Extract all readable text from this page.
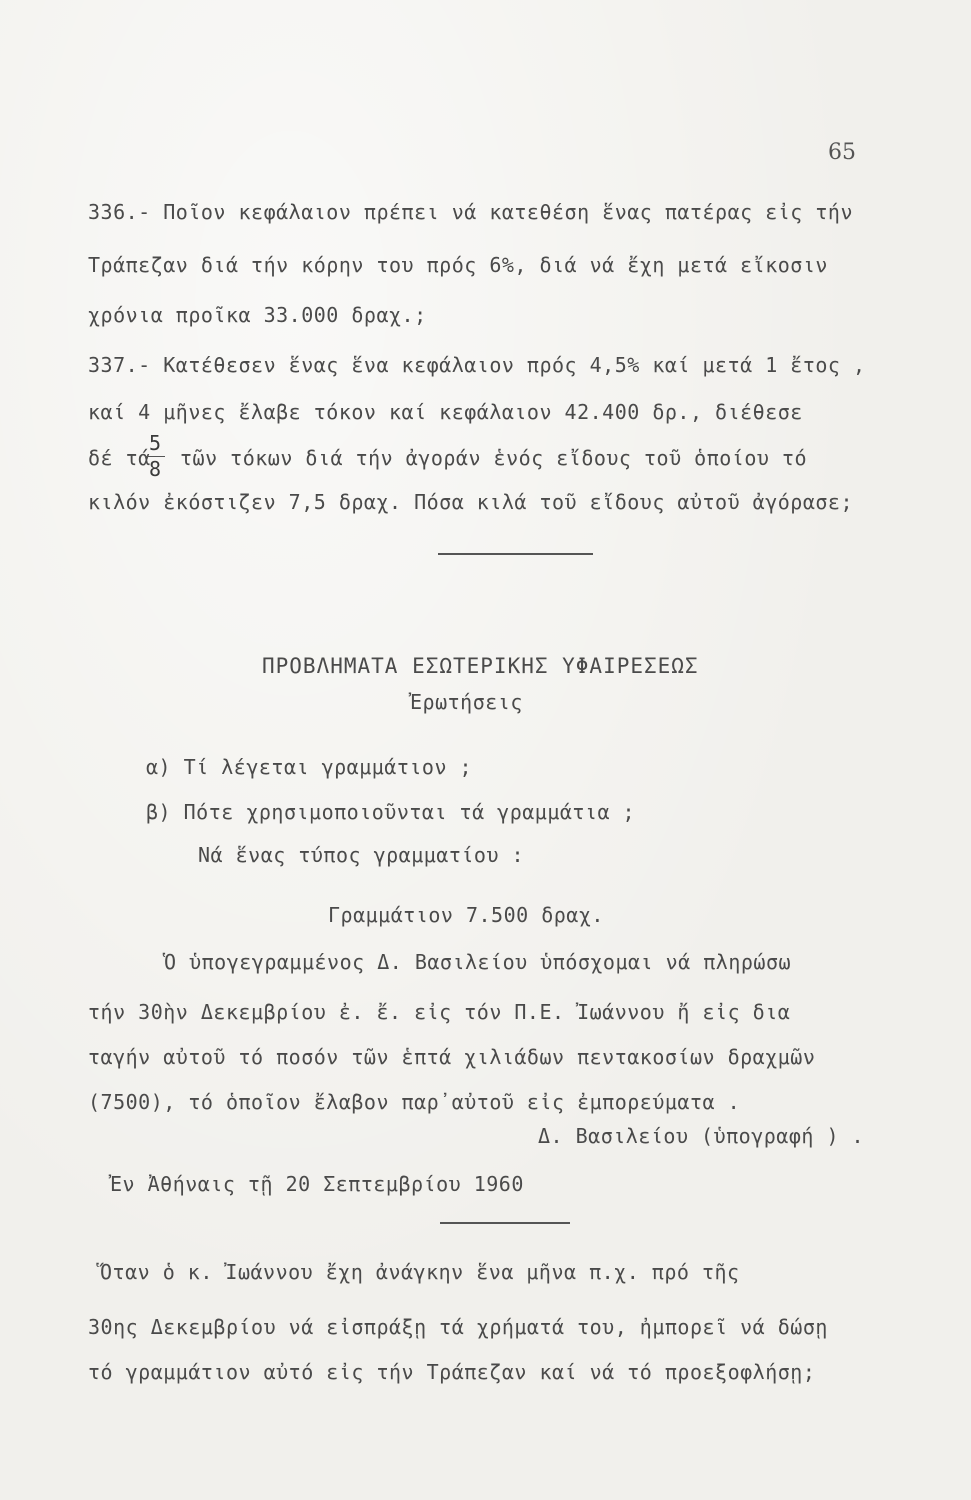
65
336.- Ποῖον κεφάλαιον πρέπει νά κατεθέση ἕνας πατέρας εἰς τήν
Τράπεζαν διά τήν κόρην του πρός 6%, διά νά ἔχη μετά εἴκοσιν
χρόνια προῖκα 33.000 δραχ.;
337.- Κατέθεσεν ἕνας ἕνα κεφάλαιον πρός 4,5% καί μετά 1 ἔτος ,
καί 4 μῆνες ἔλαβε τόκον καί κεφάλαιον 42.400 δρ., διέθεσε
δέ τά
5
8 τῶν τόκων διά τήν ἀγοράν ἑνός εἴδους τοῦ ὁποίου τό
κιλόν ἐκόστιζεν 7,5 δραχ. Πόσα κιλά τοῦ εἴδους αὐτοῦ ἀγόρασε;
ΠΡΟΒΛΗΜΑΤΑ ΕΣΩΤΕΡΙΚΗΣ ΥΦΑΙΡΕΣΕΩΣ
Ἐρωτήσεις
α) Τί λέγεται γραμμάτιον ;
β) Πότε χρησιμοποιοῦνται τά γραμμάτια ;
Νά ἕνας τύπος γραμματίου :
Γραμμάτιον 7.500 δραχ.
Ὁ ὑπογεγραμμένος Δ. Βασιλείου ὑπόσχομαι νά πληρώσω
τήν 30ὴν Δεκεμβρίου ἐ. ἔ. εἰς τόν Π.Ε. Ἰωάννου ἤ εἰς δια
ταγήν αὐτοῦ τό ποσόν τῶν ἑπτά χιλιάδων πεντακοσίων δραχμῶν
(7500), τό ὁποῖον ἔλαβον παρ᾽αὐτοῦ εἰς ἐμπορεύματα .
Δ. Βασιλείου (ὑπογραφή ) .
Ἐν Ἀθήναις τῇ 20 Σεπτεμβρίου 1960
Ὅταν ὁ κ. Ἰωάννου ἔχη ἀνάγκην ἕνα μῆνα π.χ. πρό τῆς
30ης Δεκεμβρίου νά εἰσπράξῃ τά χρήματά του, ἠμπορεῖ νά δώσῃ
τό γραμμάτιον αὐτό εἰς τήν Τράπεζαν καί νά τό προεξοφλήσῃ;
